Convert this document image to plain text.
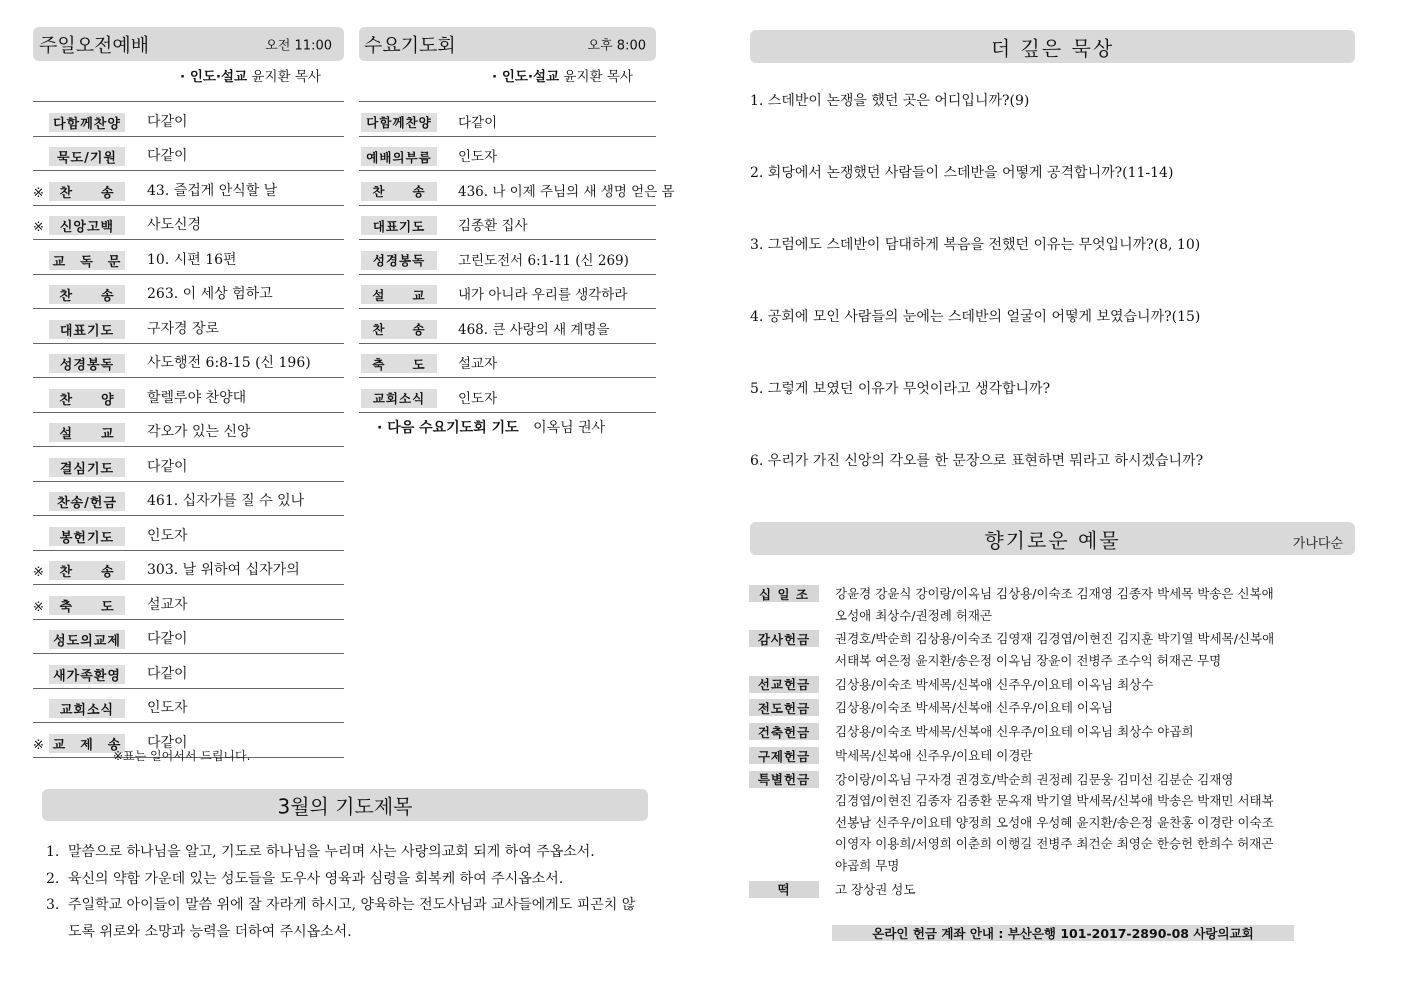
주일오전예배	오전 11:00
· 인도·설교 윤지환 목사
다함께찬양 다같이
묵도/기원	다같이
※	찬　　송	43. 즐겁게 안식할 날
※	신앙고백	사도신경
교　독　문 10. 시편 16편
찬　　송	263. 이 세상 험하고
대표기도	구자경 장로
성경봉독	사도행전 6:8-15 (신 196)
찬　　양	할렐루야 찬양대
설　　교	각오가 있는 신앙
결심기도	다같이
찬송/헌금	461. 십자가를 질 수 있나
봉헌기도	인도자
※	찬　　송	303. 날 위하여 십자가의
※	축　　도	설교자
성도의교제 다같이
새가족환영 다같이
교회소식	인도자
※ 교　제　송 다같이
※표는 일어서서 드립니다.
수요기도회	오후 8:00
· 인도·설교 윤지환 목사
다함께찬양	다같이
예배의부름	인도자
찬　　송	436. 나 이제 주님의 새 생명 얻은 몸
대표기도	김종환 집사
성경봉독	고린도전서 6:1-11 (신 269)
설　　교	내가 아니라 우리를 생각하라
찬　　송	468. 큰 사랑의 새 계명을
축　　도	설교자
교회소식	인도자
· 다음 수요기도회 기도 이옥님 권사
3월의 기도제목
1. 말씀으로 하나님을 알고, 기도로 하나님을 누리며 사는 사랑의교회 되게 하여 주옵소서.
2. 육신의 약함 가운데 있는 성도들을 도우사 영육과 심령을 회복케 하여 주시옵소서.
3. 주일학교 아이들이 말씀 위에 잘 자라게 하시고, 양육하는 전도사님과 교사들에게도 피곤치 않도록 위로와 소망과 능력을 더하여 주시옵소서.
더 깊은 묵상
1. 스데반이 논쟁을 했던 곳은 어디입니까?(9)
2. 회당에서 논쟁했던 사람들이 스데반을 어떻게 공격합니까?(11-14)
3. 그럼에도 스데반이 담대하게 복음을 전했던 이유는 무엇입니까?(8, 10)
4. 공회에 모인 사람들의 눈에는 스데반의 얼굴이 어떻게 보였습니까?(15)
5. 그렇게 보였던 이유가 무엇이라고 생각합니까?
6. 우리가 가진 신앙의 각오를 한 문장으로 표현하면 뭐라고 하시겠습니까?
향기로운 예물	가나다순
십 일 조	강윤경 강윤식 강이랑/이옥님 김상용/이숙조 김재영 김종자 박세목 박송은 신복애
오성애 최상수/권정례 허재곤
감사헌금	권경호/박순희 김상용/이숙조 김영재 김경엽/이현진 김지훈 박기열 박세목/신복애
서태복 여은정 윤지환/송은정 이옥님 장윤이 전병주 조수익 허재곤 무명
선교헌금	김상용/이숙조 박세목/신복애 신주우/이요테 이옥님 최상수
전도헌금	김상용/이숙조 박세목/신복애 신주우/이요테 이옥님
건축헌금	김상용/이숙조 박세목/신복애 신우주/이요테 이옥님 최상수 야곱희
구제헌금	박세목/신복애 신주우/이요테 이경란
특별헌금	강이랑/이옥님 구자경 권경호/박순희 권정례 김문웅 김미선 김분순 김재영
김경엽/이현진 김종자 김종환 문옥재 박기열 박세목/신복애 박송은 박재민 서태복
선봉남 신주우/이요테 양정희 오성애 우성혜 윤지환/송은정 윤찬홍 이경란 이숙조
이영자 이용희/서영희 이춘희 이행길 전병주 최건순 최영순 한승헌 한희수 허재곤
야곱희 무명
떡	고 장상권 성도
온라인 헌금 계좌 안내 : 부산은행 101-2017-2890-08 사랑의교회
